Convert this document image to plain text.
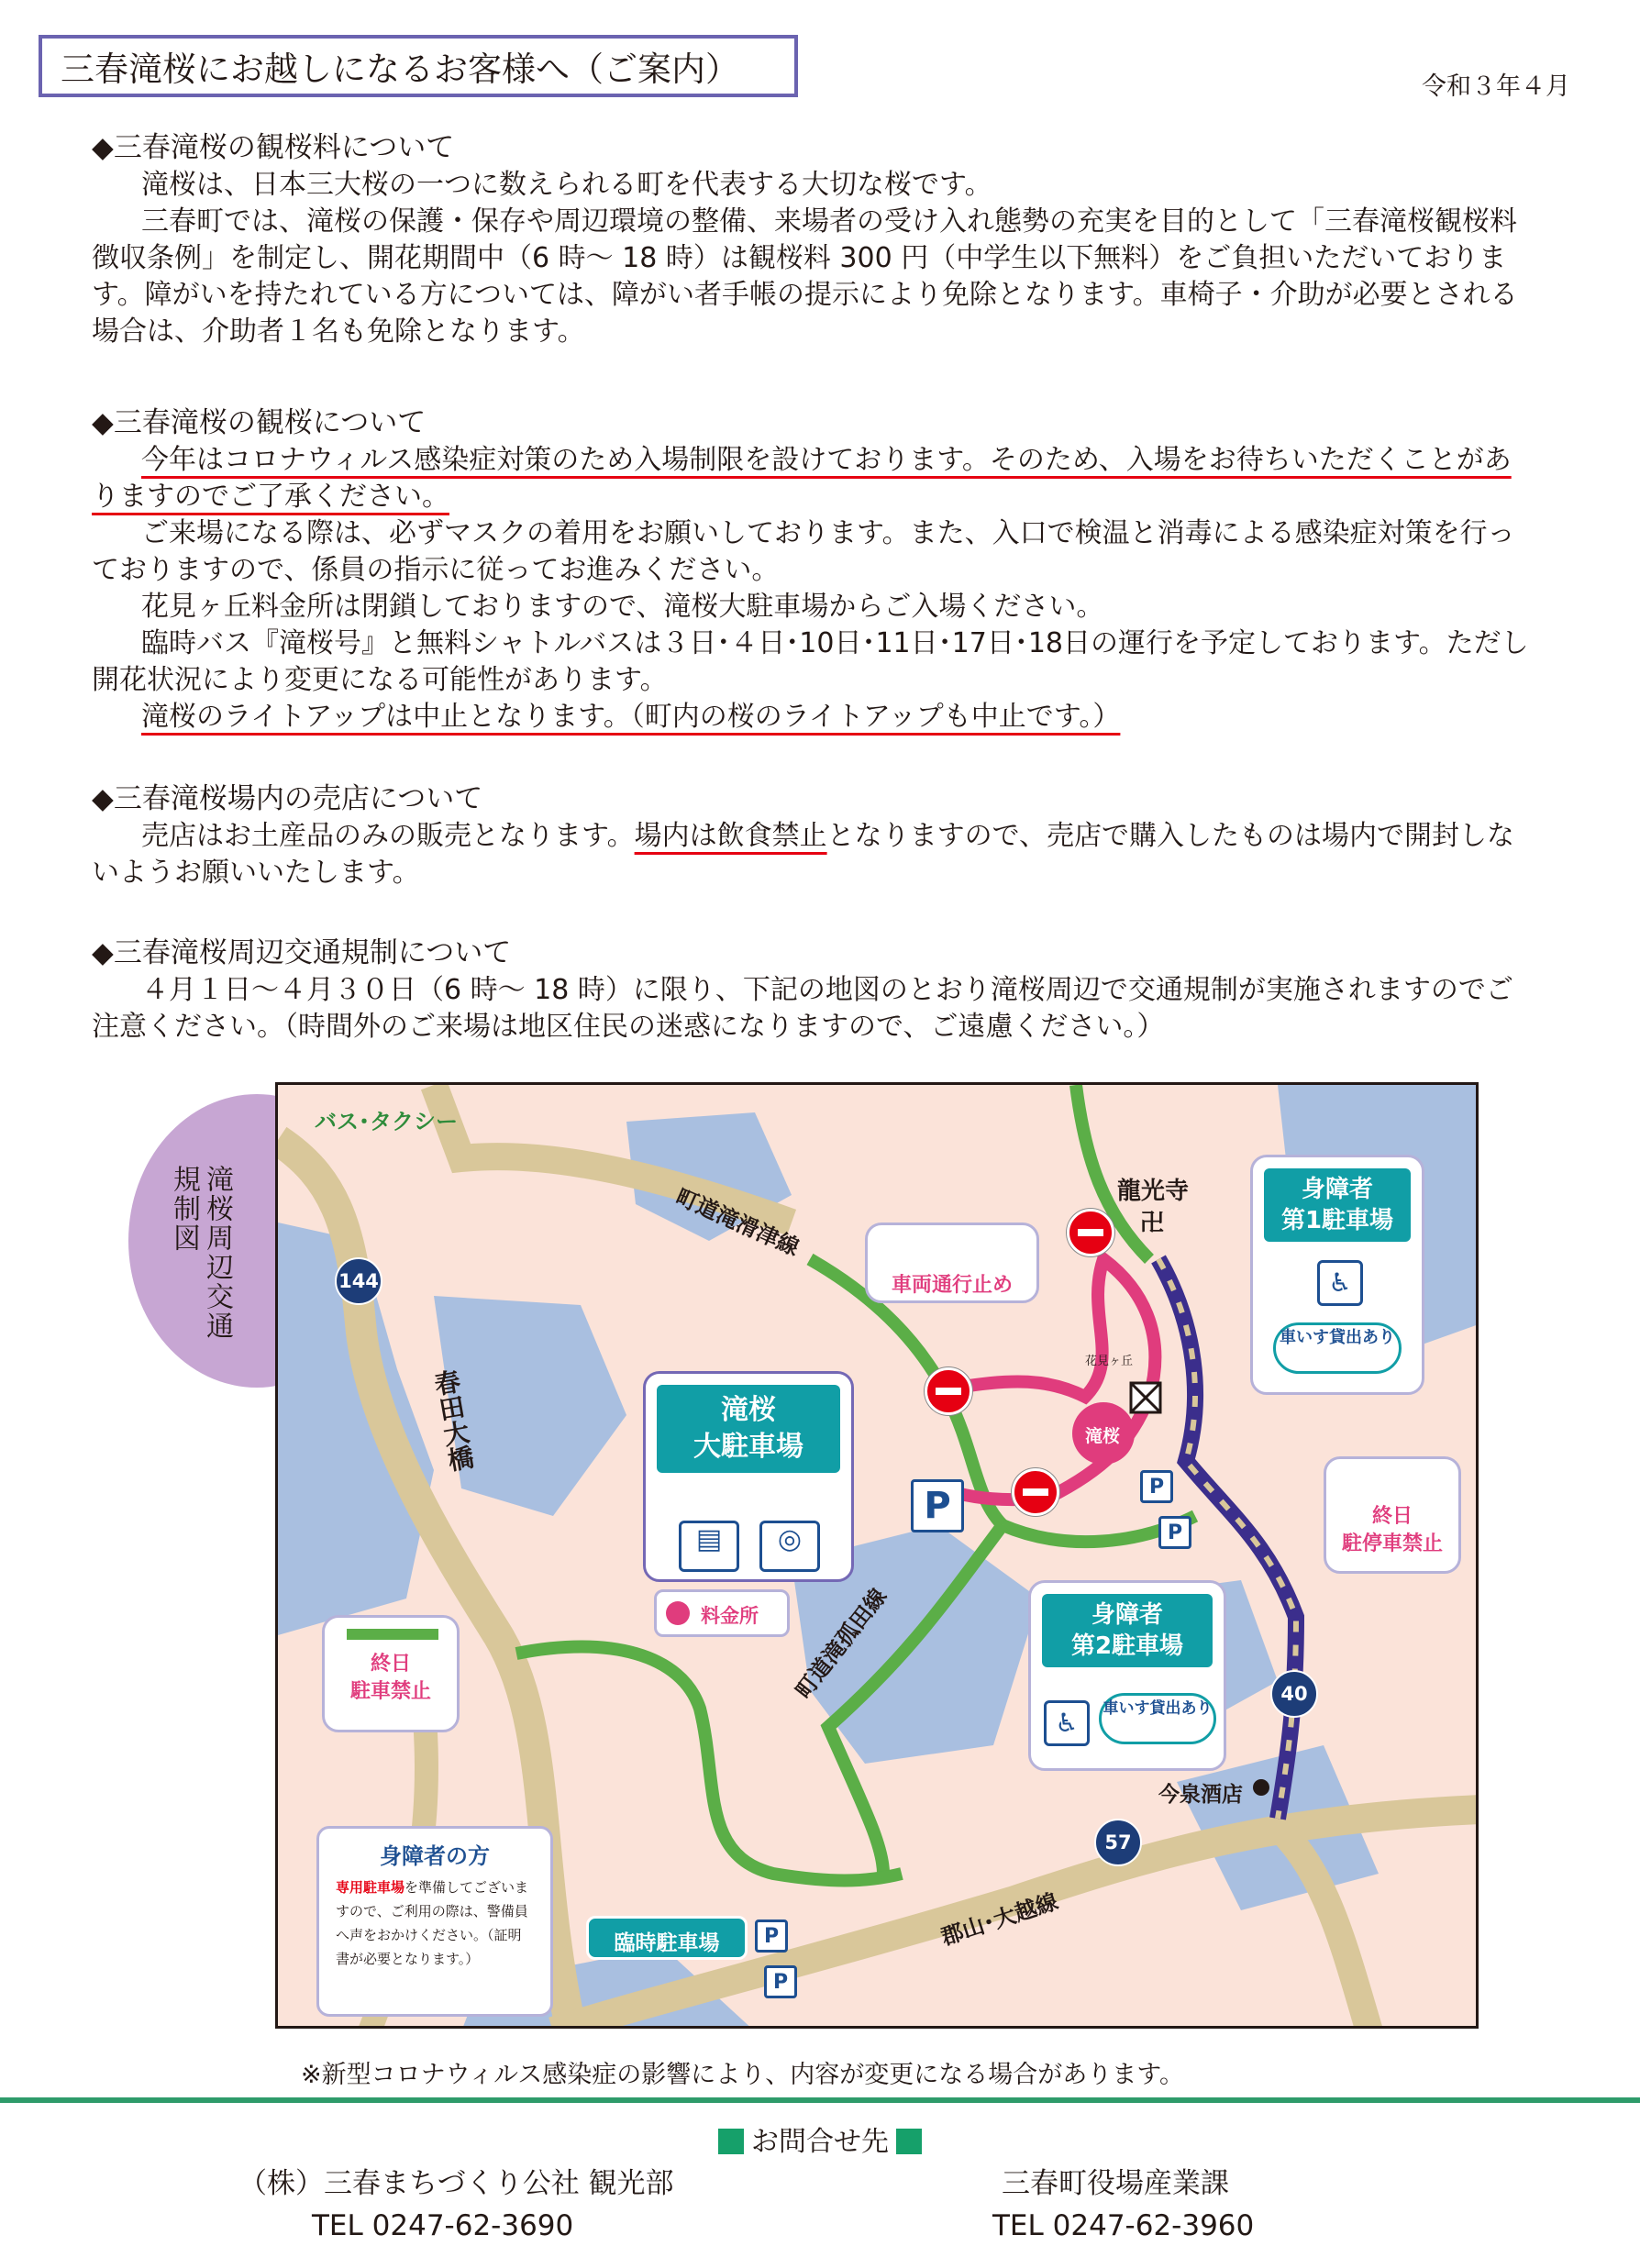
三春滝桜にお越しになるお客様へ（ご案内）	令和３年４月
◆三春滝桜の観桜料について

滝桜は、日本三大桜の一つに数えられる町を代表する大切な桜です。

三春町では、滝桜の保護・保存や周辺環境の整備、来場者の受け入れ態勢の充実を目的として「三春滝桜観桜料徴収条例」を制定し、開花期間中（6 時～ 18 時）は観桜料 300 円（中学生以下無料）をご負担いただいております。障がいを持たれている方については、障がい者手帳の提示により免除となります。車椅子・介助が必要とされる場合は、介助者１名も免除となります。

◆三春滝桜の観桜について

今年はコロナウィルス感染症対策のため入場制限を設けております。そのため、入場をお待ちいただくことがありますのでご了承ください。

ご来場になる際は、必ずマスクの着用をお願いしております。また、入口で検温と消毒による感染症対策を行っておりますので、係員の指示に従ってお進みください。

花見ヶ丘料金所は閉鎖しておりますので、滝桜大駐車場からご入場ください。

臨時バス『滝桜号』と無料シャトルバスは３日･４日･10日･11日･17日･18日の運行を予定しております。ただし開花状況により変更になる可能性があります。

滝桜のライトアップは中止となります。（町内の桜のライトアップも中止です。）

◆三春滝桜場内の売店について

売店はお土産品のみの販売となります。場内は飲食禁止となりますので、売店で購入したものは場内で開封しないようお願いいたします。

◆三春滝桜周辺交通規制について

４月１日～４月３０日（6 時～ 18 時）に限り、下記の地図のとおり滝桜周辺で交通規制が実施されますのでご注意ください。（時間外のご来場は地区住民の迷惑になりますので、ご遠慮ください。）

滝桜周辺交通規制図
バス･タクシー
町道滝滑津線
春田大橋
町道滝孤田線
郡山･大越線
龍光寺
卍
花見ヶ丘
滝桜
今泉酒店
144
40
57
P
P
P
P
車両通行止め
滝桜
大駐車場
▤	◎
P
料金所
身障者
第1駐車場
♿
車いす貸出あり
身障者
第2駐車場
♿	車いす貸出あり
終日
駐停車禁止
終日
駐車禁止
臨時駐車場
身障者の方
専用駐車場を準備してございますので、ご利用の際は、警備員へ声をおかけください。（証明書が必要となります。）
※新型コロナウィルス感染症の影響により、内容が変更になる場合があります。
お問合せ先
（株）三春まちづくり公社 観光部
TEL 0247-62-3690
三春町役場産業課
TEL 0247-62-3960
